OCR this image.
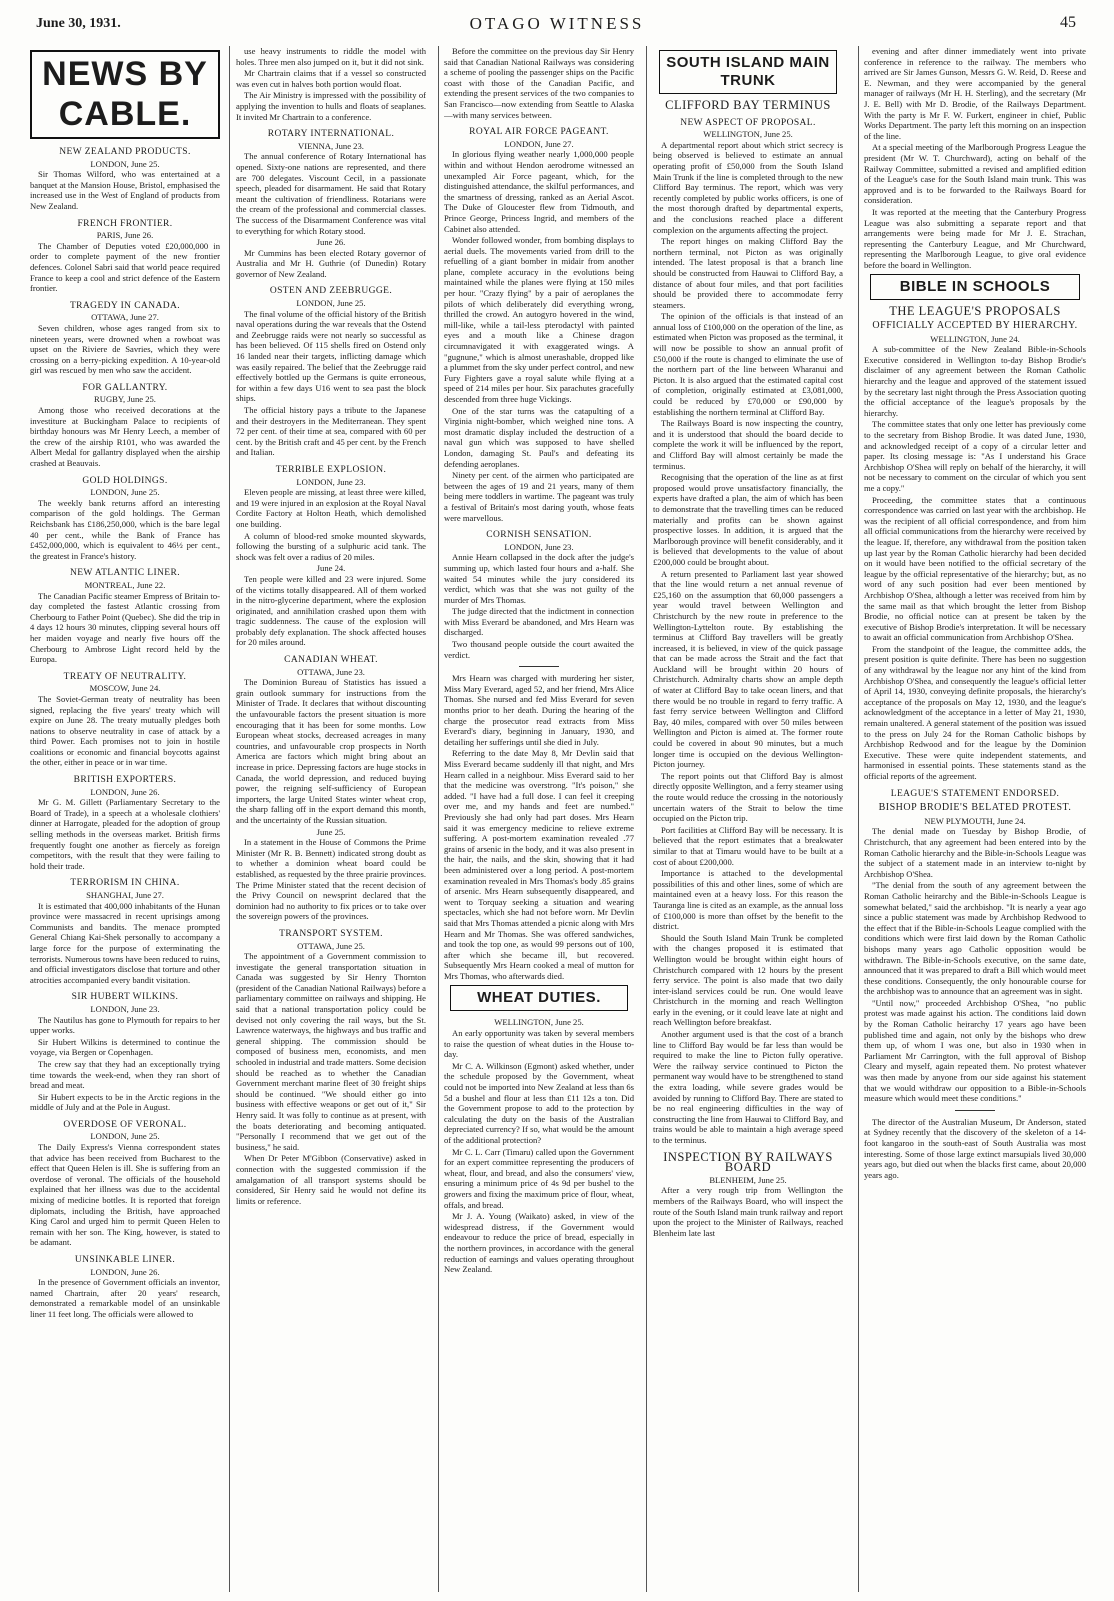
June 30, 1931.	OTAGO WITNESS	45
NEWS BY CABLE.
NEW ZEALAND PRODUCTS.

LONDON, June 25.

Sir Thomas Wilford, who was entertained at a banquet at the Mansion House, Bristol, emphasised the increased use in the West of England of products from New Zealand.

FRENCH FRONTIER.

PARIS, June 26.

The Chamber of Deputies voted £20,000,000 in order to complete payment of the new frontier defences. Colonel Sabri said that world peace required France to keep a cool and strict defence of the Eastern frontier.

TRAGEDY IN CANADA.

OTTAWA, June 27.

Seven children, whose ages ranged from six to nineteen years, were drowned when a rowboat was upset on the Riviere de Savries, which they were crossing on a berry-picking expedition. A 10-year-old girl was rescued by men who saw the accident.

FOR GALLANTRY.

RUGBY, June 25.

Among those who received decorations at the investiture at Buckingham Palace to recipients of birthday honours was Mr Henry Leech, a member of the crew of the airship R101, who was awarded the Albert Medal for gallantry displayed when the airship crashed at Beauvais.

GOLD HOLDINGS.

LONDON, June 25.

The weekly bank returns afford an interesting comparison of the gold holdings. The German Reichsbank has £186,250,000, which is the bare legal 40 per cent., while the Bank of France has £452,000,000, which is equivalent to 46½ per cent., the greatest in France's history.

NEW ATLANTIC LINER.

MONTREAL, June 22.

The Canadian Pacific steamer Empress of Britain to-day completed the fastest Atlantic crossing from Cherbourg to Father Point (Quebec). She did the trip in 4 days 12 hours 30 minutes, clipping several hours off her maiden voyage and nearly five hours off the Cherbourg to Ambrose Light record held by the Europa.

TREATY OF NEUTRALITY.

MOSCOW, June 24.

The Soviet-German treaty of neutrality has been signed, replacing the five years' treaty which will expire on June 28. The treaty mutually pledges both nations to observe neutrality in case of attack by a third Power. Each promises not to join in hostile coalitions or economic and financial boycotts against the other, either in peace or in war time.

BRITISH EXPORTERS.

LONDON, June 26.

Mr G. M. Gillett (Parliamentary Secretary to the Board of Trade), in a speech at a wholesale clothiers' dinner at Harrogate, pleaded for the adoption of group selling methods in the overseas market. British firms frequently fought one another as fiercely as foreign competitors, with the result that they were failing to hold their trade.

TERRORISM IN CHINA.

SHANGHAI, June 27.

It is estimated that 400,000 inhabitants of the Hunan province were massacred in recent uprisings among Communists and bandits. The menace prompted General Chiang Kai-Shek personally to accompany a large force for the purpose of exterminating the terrorists. Numerous towns have been reduced to ruins, and official investigators disclose that torture and other atrocities accompanied every bandit visitation.

SIR HUBERT WILKINS.

LONDON, June 23.

The Nautilus has gone to Plymouth for repairs to her upper works.

Sir Hubert Wilkins is determined to continue the voyage, via Bergen or Copenhagen.

The crew say that they had an exceptionally trying time towards the week-end, when they ran short of bread and meat.

Sir Hubert expects to be in the Arctic regions in the middle of July and at the Pole in August.

OVERDOSE OF VERONAL.

LONDON, June 25.

The Daily Express's Vienna correspondent states that advice has been received from Bucharest to the effect that Queen Helen is ill. She is suffering from an overdose of veronal. The officials of the household explained that her illness was due to the accidental mixing of medicine bottles. It is reported that foreign diplomats, including the British, have approached King Carol and urged him to permit Queen Helen to remain with her son. The King, however, is stated to be adamant.

UNSINKABLE LINER.

LONDON, June 26.

In the presence of Government officials an inventor, named Chartrain, after 20 years' research, demonstrated a remarkable model of an unsinkable liner 11 feet long. The officials were allowed to

use heavy instruments to riddle the model with holes. Three men also jumped on it, but it did not sink.

Mr Chartrain claims that if a vessel so constructed was even cut in halves both portion would float.

The Air Ministry is impressed with the possibility of applying the invention to hulls and floats of seaplanes. It invited Mr Chartrain to a conference.

ROTARY INTERNATIONAL.

VIENNA, June 23.

The annual conference of Rotary International has opened. Sixty-one nations are represented, and there are 700 delegates. Viscount Cecil, in a passionate speech, pleaded for disarmament. He said that Rotary meant the cultivation of friendliness. Rotarians were the cream of the professional and commercial classes. The success of the Disarmament Conference was vital to everything for which Rotary stood.

June 26.

Mr Cummins has been elected Rotary governor of Australia and Mr H. Guthrie (of Dunedin) Rotary governor of New Zealand.

OSTEN AND ZEEBRUGGE.

LONDON, June 25.

The final volume of the official history of the British naval operations during the war reveals that the Ostend and Zeebrugge raids were not nearly so successful as has been believed. Of 115 shells fired on Ostend only 16 landed near their targets, inflicting damage which was easily repaired. The belief that the Zeebrugge raid effectively bottled up the Germans is quite erroneous, for within a few days U16 went to sea past the block ships.

The official history pays a tribute to the Japanese and their destroyers in the Mediterranean. They spent 72 per cent. of their time at sea, compared with 60 per cent. by the British craft and 45 per cent. by the French and Italian.

TERRIBLE EXPLOSION.

LONDON, June 23.

Eleven people are missing, at least three were killed, and 19 were injured in an explosion at the Royal Naval Cordite Factory at Holton Heath, which demolished one building.

A column of blood-red smoke mounted skywards, following the bursting of a sulphuric acid tank. The shock was felt over a radius of 20 miles.

June 24.

Ten people were killed and 23 were injured. Some of the victims totally disappeared. All of them worked in the nitro-glycerine department, where the explosion originated, and annihilation crashed upon them with tragic suddenness. The cause of the explosion will probably defy explanation. The shock affected houses for 20 miles around.

CANADIAN WHEAT.

OTTAWA, June 23.

The Dominion Bureau of Statistics has issued a grain outlook summary for instructions from the Minister of Trade. It declares that without discounting the unfavourable factors the present situation is more encouraging that it has been for some months. Low European wheat stocks, decreased acreages in many countries, and unfavourable crop prospects in North America are factors which might bring about an increase in price. Depressing factors are huge stocks in Canada, the world depression, and reduced buying power, the reigning self-sufficiency of European importers, the large United States winter wheat crop, the sharp falling off in the export demand this month, and the uncertainty of the Russian situation.

June 25.

In a statement in the House of Commons the Prime Minister (Mr R. B. Bennett) indicated strong doubt as to whether a dominion wheat board could be established, as requested by the three prairie provinces. The Prime Minister stated that the recent decision of the Privy Council on newsprint declared that the dominion had no authority to fix prices or to take over the sovereign powers of the provinces.

TRANSPORT SYSTEM.

OTTAWA, June 25.

The appointment of a Government commission to investigate the general transportation situation in Canada was suggested by Sir Henry Thornton (president of the Canadian National Railways) before a parliamentary committee on railways and shipping. He said that a national transportation policy could be devised not only covering the rail ways, but the St. Lawrence waterways, the highways and bus traffic and general shipping. The commission should be composed of business men, economists, and men schooled in industrial and trade matters. Some decision should be reached as to whether the Canadian Government merchant marine fleet of 30 freight ships should be continued. "We should either go into business with effective weapons or get out of it," Sir Henry said. It was folly to continue as at present, with the boats deteriorating and becoming antiquated. "Personally I recommend that we get out of the business," he said.

When Dr Peter M'Gibbon (Conservative) asked in connection with the suggested commission if the amalgamation of all transport systems should be considered, Sir Henry said he would not define its limits or reference.

Before the committee on the previous day Sir Henry said that Canadian National Railways was considering a scheme of pooling the passenger ships on the Pacific coast with those of the Canadian Pacific, and extending the present services of the two companies to San Francisco—now extending from Seattle to Alaska—with many services between.

ROYAL AIR FORCE PAGEANT.

LONDON, June 27.

In glorious flying weather nearly 1,000,000 people within and without Hendon aerodrome witnessed an unexampled Air Force pageant, which, for the distinguished attendance, the skilful performances, and the smartness of dressing, ranked as an Aerial Ascot. The Duke of Gloucester flew from Tidmouth, and Prince George, Princess Ingrid, and members of the Cabinet also attended.

Wonder followed wonder, from bombing displays to aerial duels. The movements varied from drill to the refuelling of a giant bomber in midair from another plane, complete accuracy in the evolutions being maintained while the planes were flying at 150 miles per hour. "Crazy flying" by a pair of aeroplanes the pilots of which deliberately did everything wrong, thrilled the crowd. An autogyro hovered in the wind, mill-like, while a tail-less pterodactyl with painted eyes and a mouth like a Chinese dragon circumnavigated it with exaggerated wings. A "gugnune," which is almost unerashable, dropped like a plummet from the sky under perfect control, and new Fury Fighters gave a royal salute while flying at a speed of 214 miles per hour. Six parachutes gracefully descended from three huge Vickings.

One of the star turns was the catapulting of a Virginia night-bomber, which weighed nine tons. A most dramatic display included the destruction of a naval gun which was supposed to have shelled London, damaging St. Paul's and defeating its defending aeroplanes.

Ninety per cent. of the airmen who participated are between the ages of 19 and 21 years, many of them being mere toddlers in wartime. The pageant was truly a festival of Britain's most daring youth, whose feats were marvellous.

CORNISH SENSATION.

LONDON, June 23.

Annie Hearn collapsed in the dock after the judge's summing up, which lasted four hours and a-half. She waited 54 minutes while the jury considered its verdict, which was that she was not guilty of the murder of Mrs Thomas.

The judge directed that the indictment in connection with Miss Everard be abandoned, and Mrs Hearn was discharged.

Two thousand people outside the court awaited the verdict.

Mrs Hearn was charged with murdering her sister, Miss Mary Everard, aged 52, and her friend, Mrs Alice Thomas. She nursed and fed Miss Everard for seven months prior to her death. During the hearing of the charge the prosecutor read extracts from Miss Everard's diary, beginning in January, 1930, and detailing her sufferings until she died in July.

Referring to the date May 8, Mr Devlin said that Miss Everard became suddenly ill that night, and Mrs Hearn called in a neighbour. Miss Everard said to her that the medicine was overstrong. "It's poison," she added. "I have had a full dose. I can feel it creeping over me, and my hands and feet are numbed." Previously she had only had part doses. Mrs Hearn said it was emergency medicine to relieve extreme suffering. A post-mortem examination revealed .77 grains of arsenic in the body, and it was also present in the hair, the nails, and the skin, showing that it had been administered over a long period. A post-mortem examination revealed in Mrs Thomas's body .85 grains of arsenic. Mrs Hearn subsequently disappeared, and went to Torquay seeking a situation and wearing spectacles, which she had not before worn. Mr Devlin said that Mrs Thomas attended a picnic along with Mrs Hearn and Mr Thomas. She was offered sandwiches, and took the top one, as would 99 persons out of 100, after which she became ill, but recovered. Subsequently Mrs Hearn cooked a meal of mutton for Mrs Thomas, who afterwards died.

WHEAT DUTIES.

WELLINGTON, June 25.

An early opportunity was taken by several members to raise the question of wheat duties in the House to-day.

Mr C. A. Wilkinson (Egmont) asked whether, under the schedule proposed by the Government, wheat could not be imported into New Zealand at less than 6s 5d a bushel and flour at less than £11 12s a ton. Did the Government propose to add to the protection by calculating the duty on the basis of the Australian depreciated currency? If so, what would be the amount of the additional protection?

Mr C. L. Carr (Timaru) called upon the Government for an expert committee representing the producers of wheat, flour, and bread, and also the consumers' view, ensuring a minimum price of 4s 9d per bushel to the growers and fixing the maximum price of flour, wheat, offals, and bread.

Mr J. A. Young (Waikato) asked, in view of the widespread distress, if the Government would endeavour to reduce the price of bread, especially in the northern provinces, in accordance with the general reduction of earnings and values operating throughout New Zealand.

SOUTH ISLAND MAIN TRUNK
CLIFFORD BAY TERMINUS
NEW ASPECT OF PROPOSAL.

WELLINGTON, June 25.

A departmental report about which strict secrecy is being observed is believed to estimate an annual operating profit of £50,000 from the South Island Main Trunk if the line is completed through to the new Clifford Bay terminus. The report, which was very recently completed by public works officers, is one of the most thorough drafted by departmental experts, and the conclusions reached place a different complexion on the arguments affecting the project.

The report hinges on making Clifford Bay the northern terminal, not Picton as was originally intended. The latest proposal is that a branch line should be constructed from Hauwai to Clifford Bay, a distance of about four miles, and that port facilities should be provided there to accommodate ferry steamers.

The opinion of the officials is that instead of an annual loss of £100,000 on the operation of the line, as estimated when Picton was proposed as the terminal, it will now be possible to show an annual profit of £50,000 if the route is changed to eliminate the use of the northern part of the line between Wharanui and Picton. It is also argued that the estimated capital cost of completion, originally estimated at £3,081,000, could be reduced by £70,000 or £90,000 by establishing the northern terminal at Clifford Bay.

The Railways Board is now inspecting the country, and it is understood that should the board decide to complete the work it will be influenced by the report, and Clifford Bay will almost certainly be made the terminus.

Recognising that the operation of the line as at first proposed would prove unsatisfactory financially, the experts have drafted a plan, the aim of which has been to demonstrate that the travelling times can be reduced materially and profits can be shown against prospective losses. In addition, it is argued that the Marlborough province will benefit considerably, and it is believed that developments to the value of about £200,000 could be brought about.

A return presented to Parliament last year showed that the line would return a net annual revenue of £25,160 on the assumption that 60,000 passengers a year would travel between Wellington and Christchurch by the new route in preference to the Wellington-Lyttelton route. By establishing the terminus at Clifford Bay travellers will be greatly increased, it is believed, in view of the quick passage that can be made across the Strait and the fact that Auckland will be brought within 20 hours of Christchurch. Admiralty charts show an ample depth of water at Clifford Bay to take ocean liners, and that there would be no trouble in regard to ferry traffic. A fast ferry service between Wellington and Clifford Bay, 40 miles, compared with over 50 miles between Wellington and Picton is aimed at. The former route could be covered in about 90 minutes, but a much longer time is occupied on the devious Wellington-Picton journey.

The report points out that Clifford Bay is almost directly opposite Wellington, and a ferry steamer using the route would reduce the crossing in the notoriously uncertain waters of the Strait to below the time occupied on the Picton trip.

Port facilities at Clifford Bay will be necessary. It is believed that the report estimates that a breakwater similar to that at Timaru would have to be built at a cost of about £200,000.

Importance is attached to the developmental possibilities of this and other lines, some of which are maintained even at a heavy loss. For this reason the Tauranga line is cited as an example, as the annual loss of £100,000 is more than offset by the benefit to the district.

Should the South Island Main Trunk be completed with the changes proposed it is estimated that Wellington would be brought within eight hours of Christchurch compared with 12 hours by the present ferry service. The point is also made that two daily inter-island services could be run. One would leave Christchurch in the morning and reach Wellington early in the evening, or it could leave late at night and reach Wellington before breakfast.

Another argument used is that the cost of a branch line to Clifford Bay would be far less than would be required to make the line to Picton fully operative. Were the railway service continued to Picton the permanent way would have to be strengthened to stand the extra loading, while severe grades would be avoided by running to Clifford Bay. There are stated to be no real engineering difficulties in the way of constructing the line from Hauwai to Clifford Bay, and trains would be able to maintain a high average speed to the terminus.

INSPECTION BY RAILWAYS BOARD

BLENHEIM, June 25.

After a very rough trip from Wellington the members of the Railways Board, who will inspect the route of the South Island main trunk railway and report upon the project to the Minister of Railways, reached Blenheim late last

evening and after dinner immediately went into private conference in reference to the railway. The members who arrived are Sir James Gunson, Messrs G. W. Reid, D. Reese and E. Newman, and they were accompanied by the general manager of railways (Mr H. H. Sterling), and the secretary (Mr J. E. Bell) with Mr D. Brodie, of the Railways Department. With the party is Mr F. W. Furkert, engineer in chief, Public Works Department. The party left this morning on an inspection of the line.

At a special meeting of the Marlborough Progress League the president (Mr W. T. Churchward), acting on behalf of the Railway Committee, submitted a revised and amplified edition of the League's case for the South Island main trunk. This was approved and is to be forwarded to the Railways Board for consideration.

It was reported at the meeting that the Canterbury Progress League was also submitting a separate report and that arrangements were being made for Mr J. E. Strachan, representing the Canterbury League, and Mr Churchward, representing the Marlborough League, to give oral evidence before the board in Wellington.

BIBLE IN SCHOOLS
THE LEAGUE'S PROPOSALS
OFFICIALLY ACCEPTED BY HIERARCHY.

WELLINGTON, June 24.

A sub-committee of the New Zealand Bible-in-Schools Executive considered in Wellington to-day Bishop Brodie's disclaimer of any agreement between the Roman Catholic hierarchy and the league and approved of the statement issued by the secretary last night through the Press Association quoting the official acceptance of the league's proposals by the hierarchy.

The committee states that only one letter has previously come to the secretary from Bishop Brodie. It was dated June, 1930, and acknowledged receipt of a copy of a circular letter and paper. Its closing message is: "As I understand his Grace Archbishop O'Shea will reply on behalf of the hierarchy, it will not be necessary to comment on the circular of which you sent me a copy."

Proceeding, the committee states that a continuous correspondence was carried on last year with the archbishop. He was the recipient of all official correspondence, and from him all official communications from the hierarchy were received by the league. If, therefore, any withdrawal from the position taken up last year by the Roman Catholic hierarchy had been decided on it would have been notified to the official secretary of the league by the official representative of the hierarchy; but, as no word of any such position had ever been mentioned by Archbishop O'Shea, although a letter was received from him by the same mail as that which brought the letter from Bishop Brodie, no official notice can at present be taken by the executive of Bishop Brodie's interpretation. It will be necessary to await an official communication from Archbishop O'Shea.

From the standpoint of the league, the committee adds, the present position is quite definite. There has been no suggestion of any withdrawal by the league nor any hint of the kind from Archbishop O'Shea, and consequently the league's official letter of April 14, 1930, conveying definite proposals, the hierarchy's acceptance of the proposals on May 12, 1930, and the league's acknowledgment of the acceptance in a letter of May 21, 1930, remain unaltered. A general statement of the position was issued to the press on July 24 for the Roman Catholic bishops by Archbishop Redwood and for the league by the Dominion Executive. These were quite independent statements, and harmonised in essential points. These statements stand as the official reports of the agreement.

LEAGUE'S STATEMENT ENDORSED.
BISHOP BRODIE'S BELATED PROTEST.

NEW PLYMOUTH, June 24.

The denial made on Tuesday by Bishop Brodie, of Christchurch, that any agreement had been entered into by the Roman Catholic hierarchy and the Bible-in-Schools League was the subject of a statement made in an interview to-night by Archbishop O'Shea.

"The denial from the south of any agreement between the Roman Catholic heirarchy and the Bible-in-Schools League is somewhat belated," said the archbishop. "It is nearly a year ago since a public statement was made by Archbishop Redwood to the effect that if the Bible-in-Schools League complied with the conditions which were first laid down by the Roman Catholic bishops many years ago Catholic opposition would be withdrawn. The Bible-in-Schools executive, on the same date, announced that it was prepared to draft a Bill which would meet these conditions. Consequently, the only honourable course for the archbishop was to announce that an agreement was in sight.

"Until now," proceeded Archbishop O'Shea, "no public protest was made against his action. The conditions laid down by the Roman Catholic heirarchy 17 years ago have been published time and again, not only by the bishops who drew them up, of whom I was one, but also in 1930 when in Parliament Mr Carrington, with the full approval of Bishop Cleary and myself, again repeated them. No protest whatever was then made by anyone from our side against his statement that we would withdraw our opposition to a Bible-in-Schools measure which would meet these conditions."

The director of the Australian Museum, Dr Anderson, stated at Sydney recently that the discovery of the skeleton of a 14-foot kangaroo in the south-east of South Australia was most interesting. Some of those large extinct marsupials lived 30,000 years ago, but died out when the blacks first came, about 20,000 years ago.
